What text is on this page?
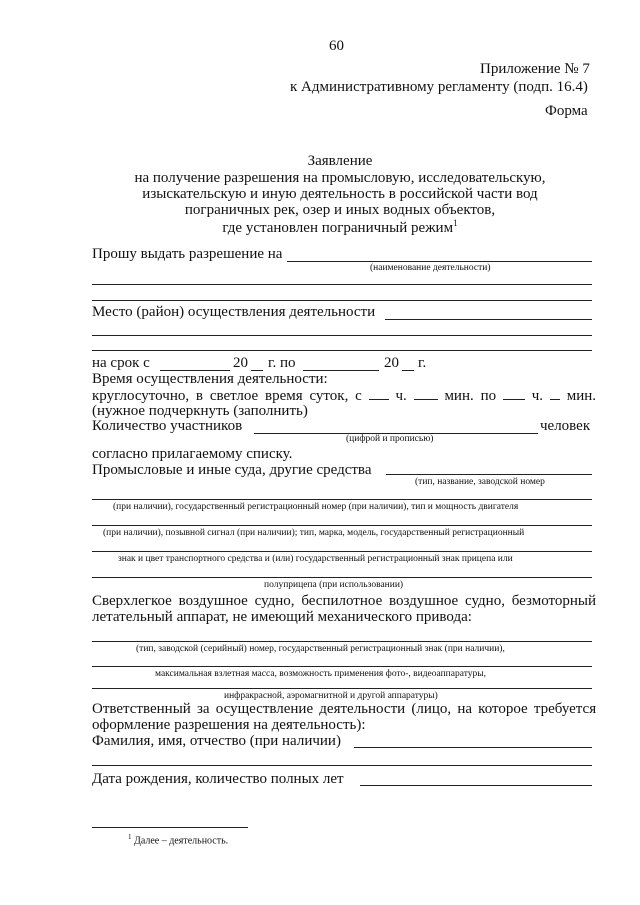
60
Приложение № 7
к Административному регламенту (подп. 16.4)
Форма
Заявление
на получение разрешения на промысловую, исследовательскую,
изыскательскую и иную деятельность в российской части вод
пограничных рек, озер и иных водных объектов,
где установлен пограничный режим$^1$
Прошу выдать разрешение на
(наименование деятельности)
Место (район) осуществления деятельности
на срок с	20 г. по	20 г.
Время осуществления деятельности:
круглосуточно, в светлое время суток, с ч.	мин. по ч. мин.
(нужное подчеркнуть (заполнить)
Количество участников	человек
(цифрой и прописью)
согласно прилагаемому списку.
Промысловые и иные суда, другие средства
(тип, название, заводской номер
(при наличии), государственный регистрационный номер (при наличии), тип и мощность двигателя
(при наличии), позывной сигнал (при наличии); тип, марка, модель, государственный регистрационный
знак и цвет транспортного средства и (или) государственный регистрационный знак прицепа или
полуприцепа (при использовании)
Сверхлегкое воздушное судно, беспилотное воздушное судно, безмоторный
летательный аппарат, не имеющий механического привода:
(тип, заводской (серийный) номер, государственный регистрационный знак (при наличии),
максимальная взлетная масса, возможность применения фото-, видеоаппаратуры,
инфракрасной, аэромагнитной и другой аппаратуры)
Ответственный за осуществление деятельности (лицо, на которое требуется
оформление разрешения на деятельность):
Фамилия, имя, отчество (при наличии)
Дата рождения, количество полных лет
$^1$ Далее – деятельность.
